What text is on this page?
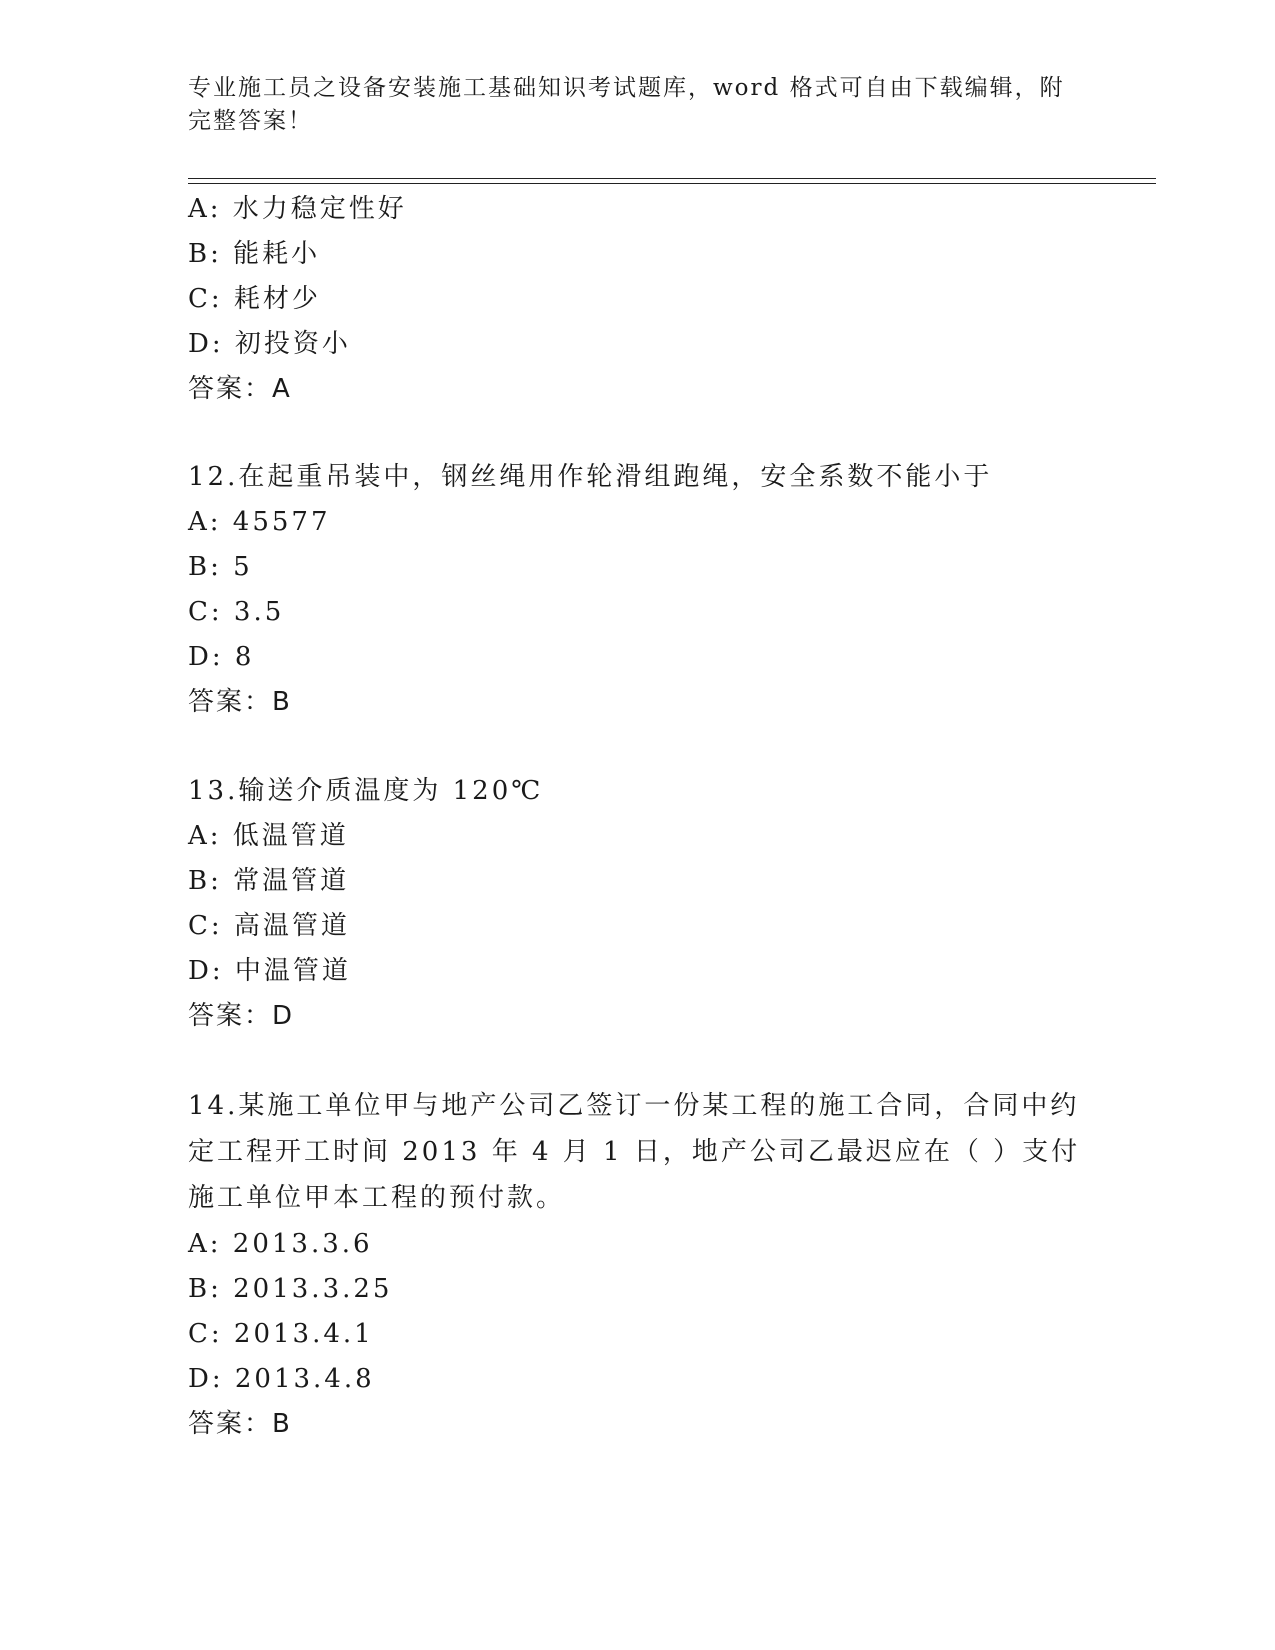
专业施工员之设备安装施工基础知识考试题库，word 格式可自由下载编辑，附完整答案！
A: 水力稳定性好
B: 能耗小
C: 耗材少
D: 初投资小
答案：A
12.在起重吊装中，钢丝绳用作轮滑组跑绳，安全系数不能小于
A: 45577
B: 5
C: 3.5
D: 8
答案：B
13.输送介质温度为 120℃
A: 低温管道
B: 常温管道
C: 高温管道
D: 中温管道
答案：D
14.某施工单位甲与地产公司乙签订一份某工程的施工合同，合同中约定工程开工时间 2013 年 4 月 1 日，地产公司乙最迟应在（ ）支付施工单位甲本工程的预付款。
A: 2013.3.6
B: 2013.3.25
C: 2013.4.1
D: 2013.4.8
答案：B
